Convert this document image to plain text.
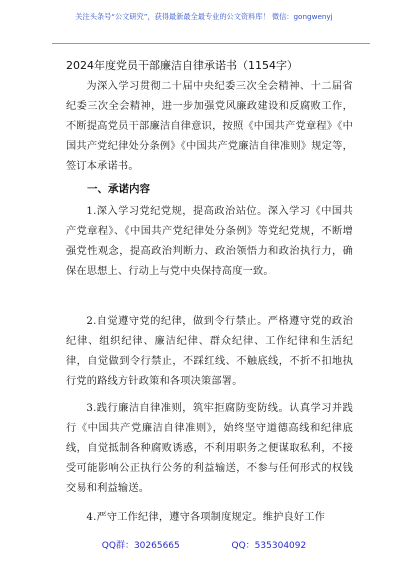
关注头条号“公文研究”，获得最新最全最专业的公文资料库！ 微信：gongwenyj
2024年度党员干部廉洁自律承诺书（1154字）

为深入学习贯彻二十届中央纪委三次全会精神、十二届省纪委三次全会精神，进一步加强党风廉政建设和反腐败工作，不断提高党员干部廉洁自律意识，按照《中国共产党章程》《中国共产党纪律处分条例》《中国共产党廉洁自律准则》规定等，签订本承诺书。

一、承诺内容

1.深入学习党纪党规，提高政治站位。深入学习《中国共产党章程》、《中国共产党纪律处分条例》等党纪党规，不断增强党性观念，提高政治判断力、政治领悟力和政治执行力，确保在思想上、行动上与党中央保持高度一致。

2.自觉遵守党的纪律，做到令行禁止。严格遵守党的政治纪律、组织纪律、廉洁纪律、群众纪律、工作纪律和生活纪律，自觉做到令行禁止，不踩红线、不触底线，不折不扣地执行党的路线方针政策和各项决策部署。

3.践行廉洁自律准则，筑牢拒腐防变防线。认真学习并践行《中国共产党廉洁自律准则》，始终坚守道德高线和纪律底线，自觉抵制各种腐败诱惑，不利用职务之便谋取私利，不接受可能影响公正执行公务的利益输送，不参与任何形式的权钱交易和利益输送。

4.严守工作纪律，遵守各项制度规定。维护良好工作

QQ群：30265665	QQ：535304092
